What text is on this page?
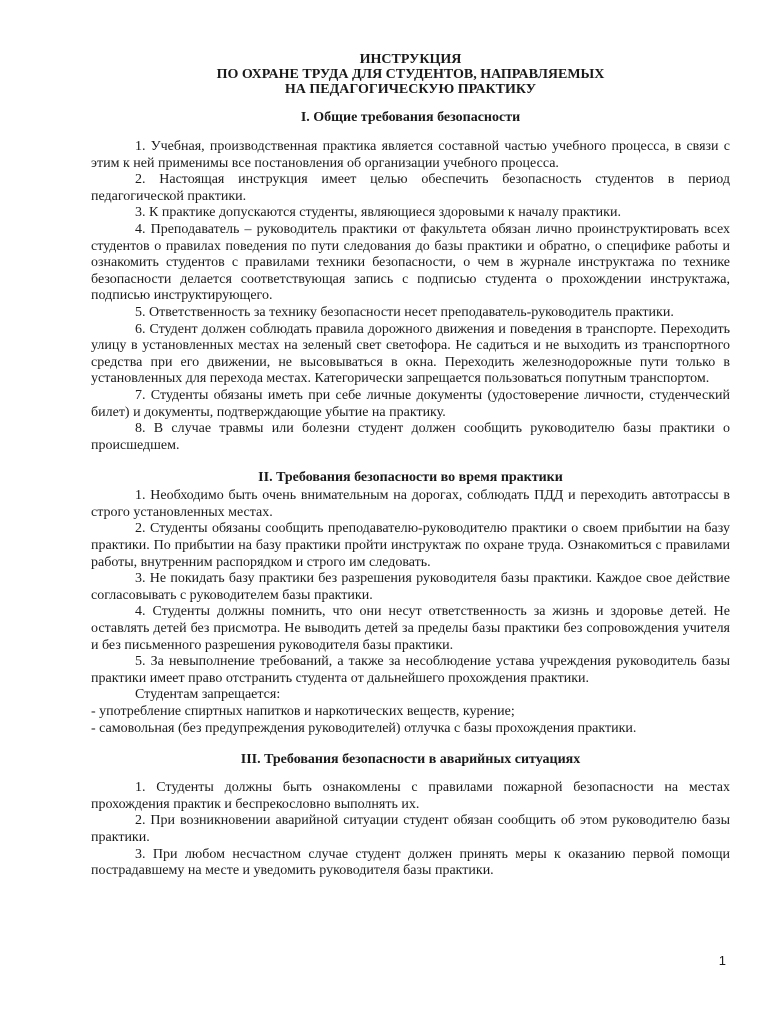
ИНСТРУКЦИЯ
ПО ОХРАНЕ ТРУДА ДЛЯ СТУДЕНТОВ, НАПРАВЛЯЕМЫХ
НА ПЕДАГОГИЧЕСКУЮ ПРАКТИКУ
I. Общие требования безопасности

1. Учебная, производственная практика является составной частью учебного процесса, в связи с этим к ней применимы все постановления об организации учебного процесса.

2. Настоящая инструкция имеет целью обеспечить безопасность студентов в период педагогической практики.

3. К практике допускаются студенты, являющиеся здоровыми к началу практики.

4. Преподаватель – руководитель практики от факультета обязан лично проинструктировать всех студентов о правилах поведения по пути следования до базы практики и обратно, о специфике работы и ознакомить студентов с правилами техники безопасности, о чем в журнале инструктажа по технике безопасности делается соответствующая запись с подписью студента о прохождении инструктажа, подписью инструктирующего.

5. Ответственность за технику безопасности несет преподаватель-руководитель практики.

6. Студент должен соблюдать правила дорожного движения и поведения в транспорте. Переходить улицу в установленных местах на зеленый свет светофора. Не садиться и не выходить из транспортного средства при его движении, не высовываться в окна. Переходить железнодорожные пути только в установленных для перехода местах. Категорически запрещается пользоваться попутным транспортом.

7. Студенты обязаны иметь при себе личные документы (удостоверение личности, студенческий билет) и документы, подтверждающие убытие на практику.

8. В случае травмы или болезни студент должен сообщить руководителю базы практики о происшедшем.

II. Требования безопасности во время практики

1. Необходимо быть очень внимательным на дорогах, соблюдать ПДД и переходить автотрассы в строго установленных местах.

2. Студенты обязаны сообщить преподавателю-руководителю практики о своем прибытии на базу практики. По прибытии на базу практики пройти инструктаж по охране труда. Ознакомиться с правилами работы, внутренним распорядком и строго им следовать.

3. Не покидать базу практики без разрешения руководителя базы практики. Каждое свое действие согласовывать с руководителем базы практики.

4. Студенты должны помнить, что они несут ответственность за жизнь и здоровье детей. Не оставлять детей без присмотра. Не выводить детей за пределы базы практики без сопровождения учителя и без письменного разрешения руководителя базы практики.

5. За невыполнение требований, а также за несоблюдение устава учреждения руководитель базы практики имеет право отстранить студента от дальнейшего прохождения практики.

Студентам запрещается:

- употребление спиртных напитков и наркотических веществ, курение;

- самовольная (без предупреждения руководителей) отлучка с базы прохождения практики.

III. Требования безопасности в аварийных ситуациях

1. Студенты должны быть ознакомлены с правилами пожарной безопасности на местах прохождения практик и беспрекословно выполнять их.

2. При возникновении аварийной ситуации студент обязан сообщить об этом руководителю базы практики.

3. При любом несчастном случае студент должен принять меры к оказанию первой помощи пострадавшему на месте и уведомить руководителя базы практики.

1
